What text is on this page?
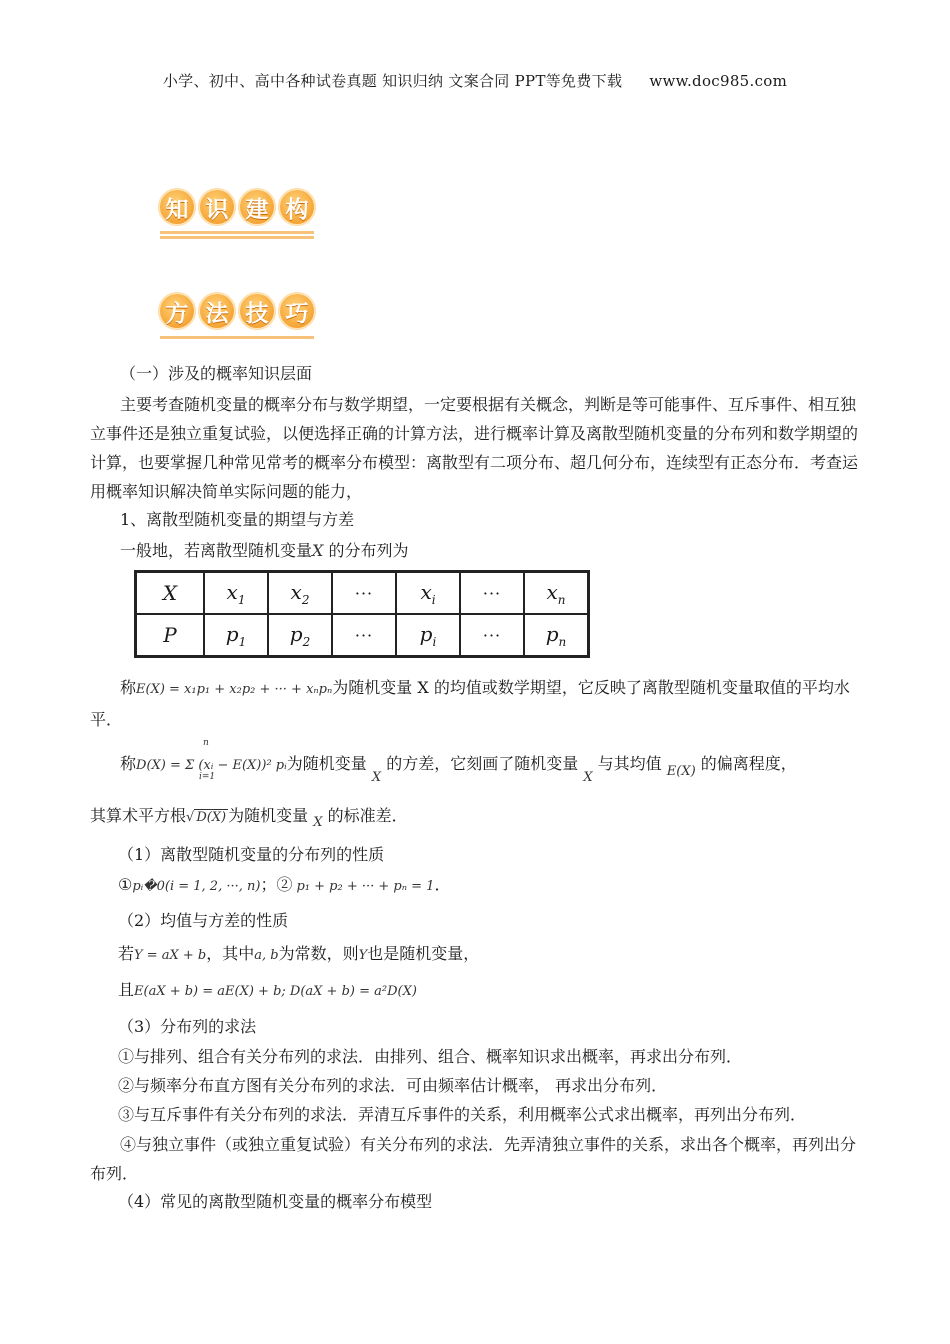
小学、初中、高中各种试卷真题 知识归纳 文案合同 PPT等免费下载 www.doc985.com
知 识 建 构
方 法 技 巧
（一）涉及的概率知识层面
主要考查随机变量的概率分布与数学期望，一定要根据有关概念，判断是等可能事件、互斥事件、相互独立事件还是独立重复试验，以便选择正确的计算方法，进行概率计算及离散型随机变量的分布列和数学期望的计算，也要掌握几种常见常考的概率分布模型：离散型有二项分布、超几何分布，连续型有正态分布．考查运用概率知识解决简单实际问题的能力，
1、离散型随机变量的期望与方差
一般地，若离散型随机变量X 的分布列为
X	$x_1$	$x_2$	···	$x_i$	···	$x_n$
P	$p_1$	$p_2$	···	$p_i$	···	$p_n$
称E(X) = x₁p₁ + x₂p₂ + ··· + xₙpₙ为随机变量 X 的均值或数学期望，它反映了离散型随机变量取值的平均水平．
称D(X) = Σ (xᵢ − E(X))² pᵢ为随机变量 $_X$ 的方差，它刻画了随机变量 $_X$ 与其均值 $_{E(X)}$ 的偏离程度，
n
i=1
其算术平方根√ D(X) 为随机变量 $_X$ 的标准差．
（1）离散型随机变量的分布列的性质
①pᵢ�0(i = 1, 2, ···, n)；② p₁ + p₂ + ··· + pₙ = 1．
（2）均值与方差的性质
若Y = aX + b，其中a, b为常数，则Y也是随机变量，
且E(aX + b) = aE(X) + b; D(aX + b) = a²D(X)
（3）分布列的求法
①与排列、组合有关分布列的求法．由排列、组合、概率知识求出概率，再求出分布列．
②与频率分布直方图有关分布列的求法．可由频率估计概率， 再求出分布列．
③与互斥事件有关分布列的求法．弄清互斥事件的关系，利用概率公式求出概率，再列出分布列．
④与独立事件（或独立重复试验）有关分布列的求法．先弄清独立事件的关系，求出各个概率，再列出分布列．
（4）常见的离散型随机变量的概率分布模型
